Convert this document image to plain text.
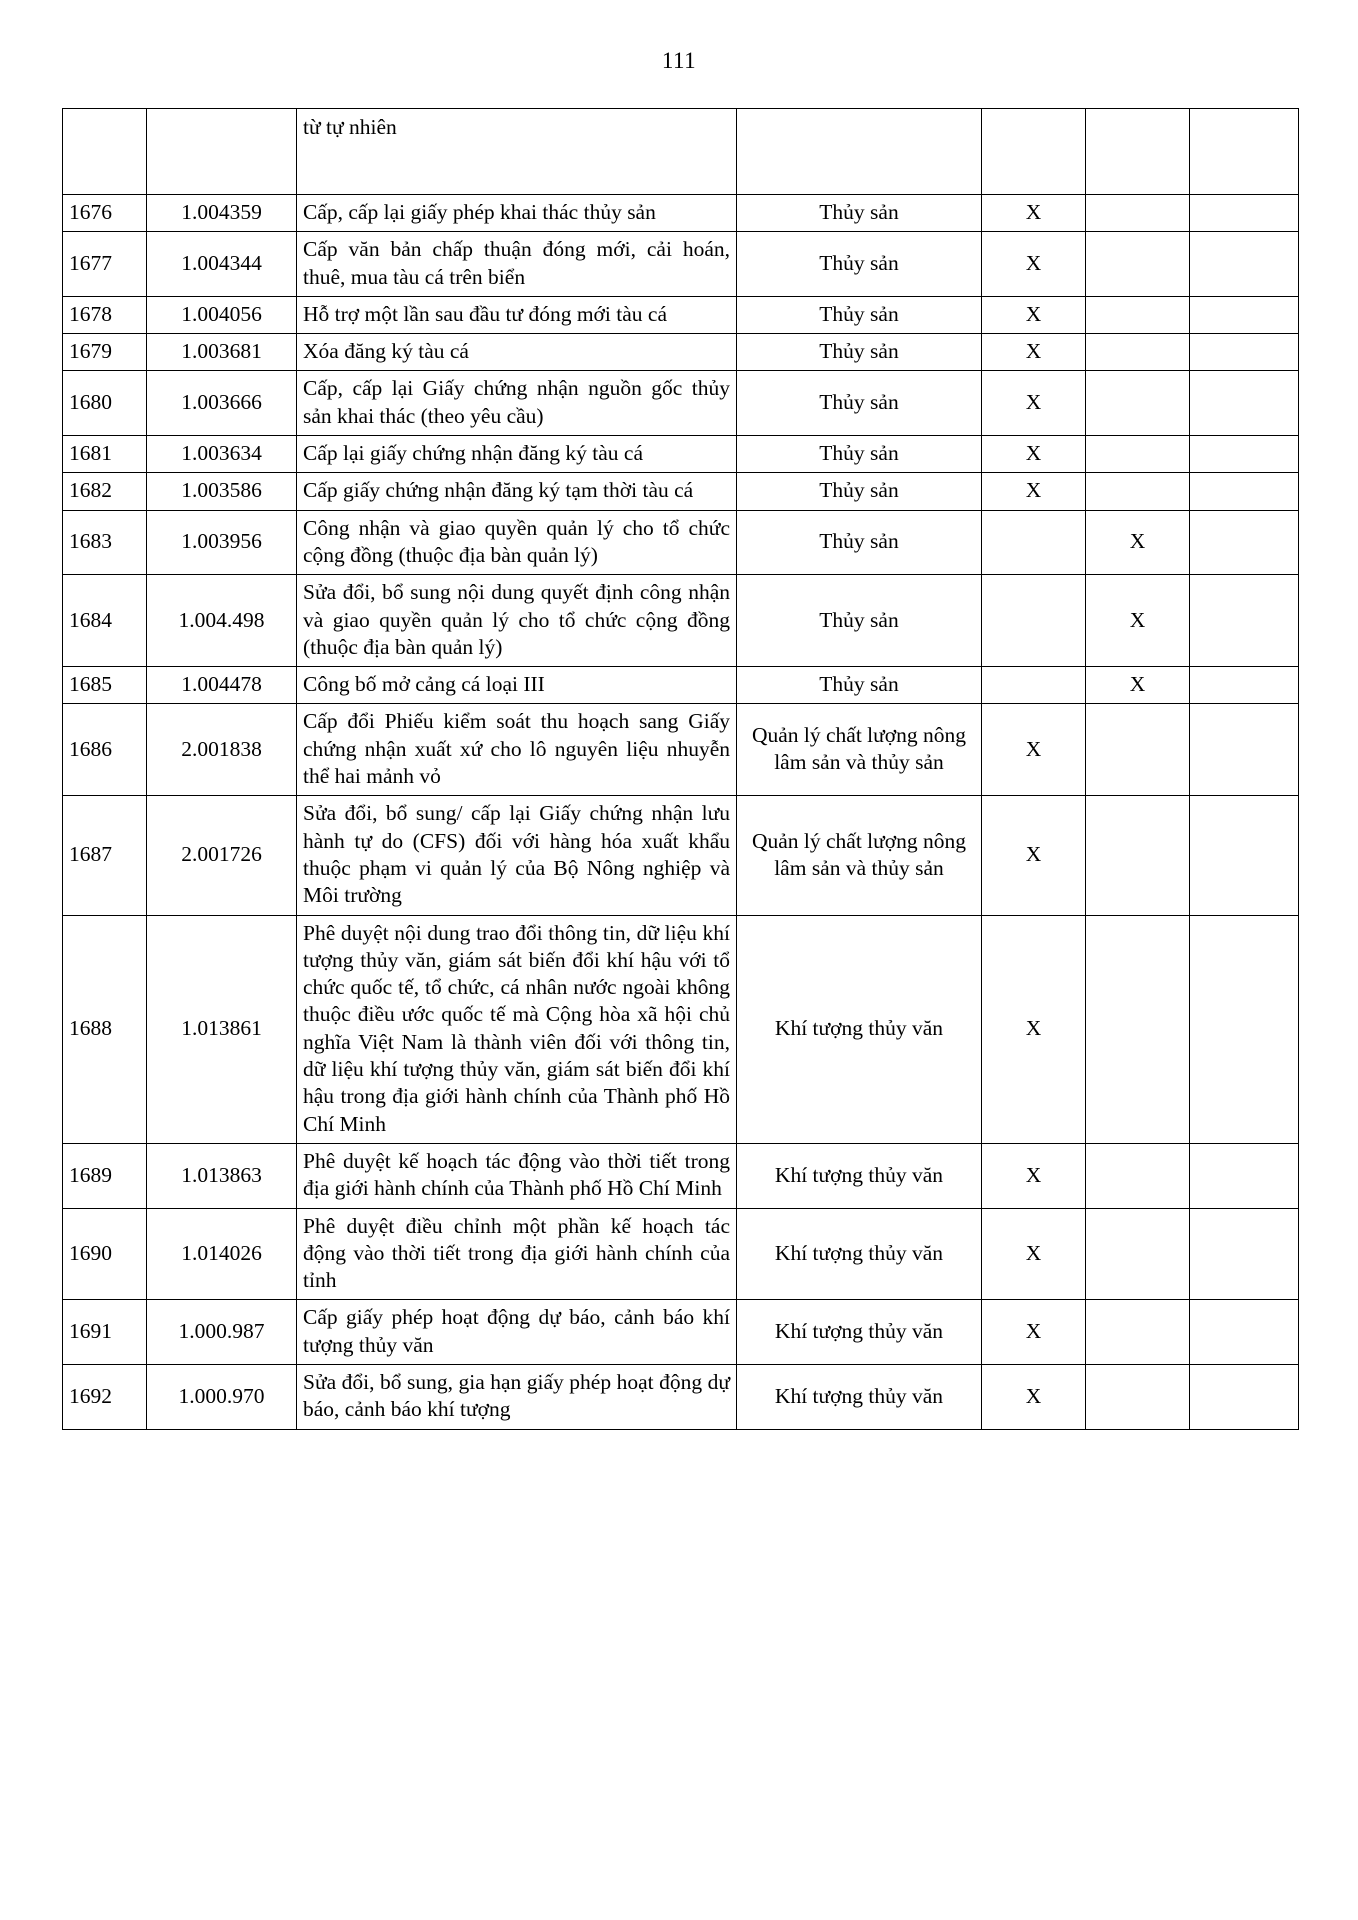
111
		từ tự nhiên				
1676	1.004359	Cấp, cấp lại giấy phép khai thác thủy sản	Thủy sản	X		
1677	1.004344	Cấp văn bản chấp thuận đóng mới, cải hoán, thuê, mua tàu cá trên biển	Thủy sản	X		
1678	1.004056	Hỗ trợ một lần sau đầu tư đóng mới tàu cá	Thủy sản	X		
1679	1.003681	Xóa đăng ký tàu cá	Thủy sản	X		
1680	1.003666	Cấp, cấp lại Giấy chứng nhận nguồn gốc thủy sản khai thác (theo yêu cầu)	Thủy sản	X		
1681	1.003634	Cấp lại giấy chứng nhận đăng ký tàu cá	Thủy sản	X		
1682	1.003586	Cấp giấy chứng nhận đăng ký tạm thời tàu cá	Thủy sản	X		
1683	1.003956	Công nhận và giao quyền quản lý cho tổ chức cộng đồng (thuộc địa bàn quản lý)	Thủy sản		X	
1684	1.004.498	Sửa đổi, bổ sung nội dung quyết định công nhận và giao quyền quản lý cho tổ chức cộng đồng (thuộc địa bàn quản lý)	Thủy sản		X	
1685	1.004478	Công bố mở cảng cá loại III	Thủy sản		X	
1686	2.001838	Cấp đổi Phiếu kiểm soát thu hoạch sang Giấy chứng nhận xuất xứ cho lô nguyên liệu nhuyễn thể hai mảnh vỏ	Quản lý chất lượng nông lâm sản và thủy sản	X		
1687	2.001726	Sửa đổi, bổ sung/ cấp lại Giấy chứng nhận lưu hành tự do (CFS) đối với hàng hóa xuất khẩu thuộc phạm vi quản lý của Bộ Nông nghiệp và Môi trường	Quản lý chất lượng nông lâm sản và thủy sản	X		
1688	1.013861	Phê duyệt nội dung trao đổi thông tin, dữ liệu khí tượng thủy văn, giám sát biến đổi khí hậu với tổ chức quốc tế, tổ chức, cá nhân nước ngoài không thuộc điều ước quốc tế mà Cộng hòa xã hội chủ nghĩa Việt Nam là thành viên đối với thông tin, dữ liệu khí tượng thủy văn, giám sát biến đổi khí hậu trong địa giới hành chính của Thành phố Hồ Chí Minh	Khí tượng thủy văn	X		
1689	1.013863	Phê duyệt kế hoạch tác động vào thời tiết trong địa giới hành chính của Thành phố Hồ Chí Minh	Khí tượng thủy văn	X		
1690	1.014026	Phê duyệt điều chỉnh một phần kế hoạch tác động vào thời tiết trong địa giới hành chính của tỉnh	Khí tượng thủy văn	X		
1691	1.000.987	Cấp giấy phép hoạt động dự báo, cảnh báo khí tượng thủy văn	Khí tượng thủy văn	X		
1692	1.000.970	Sửa đổi, bổ sung, gia hạn giấy phép hoạt động dự báo, cảnh báo khí tượng	Khí tượng thủy văn	X		
